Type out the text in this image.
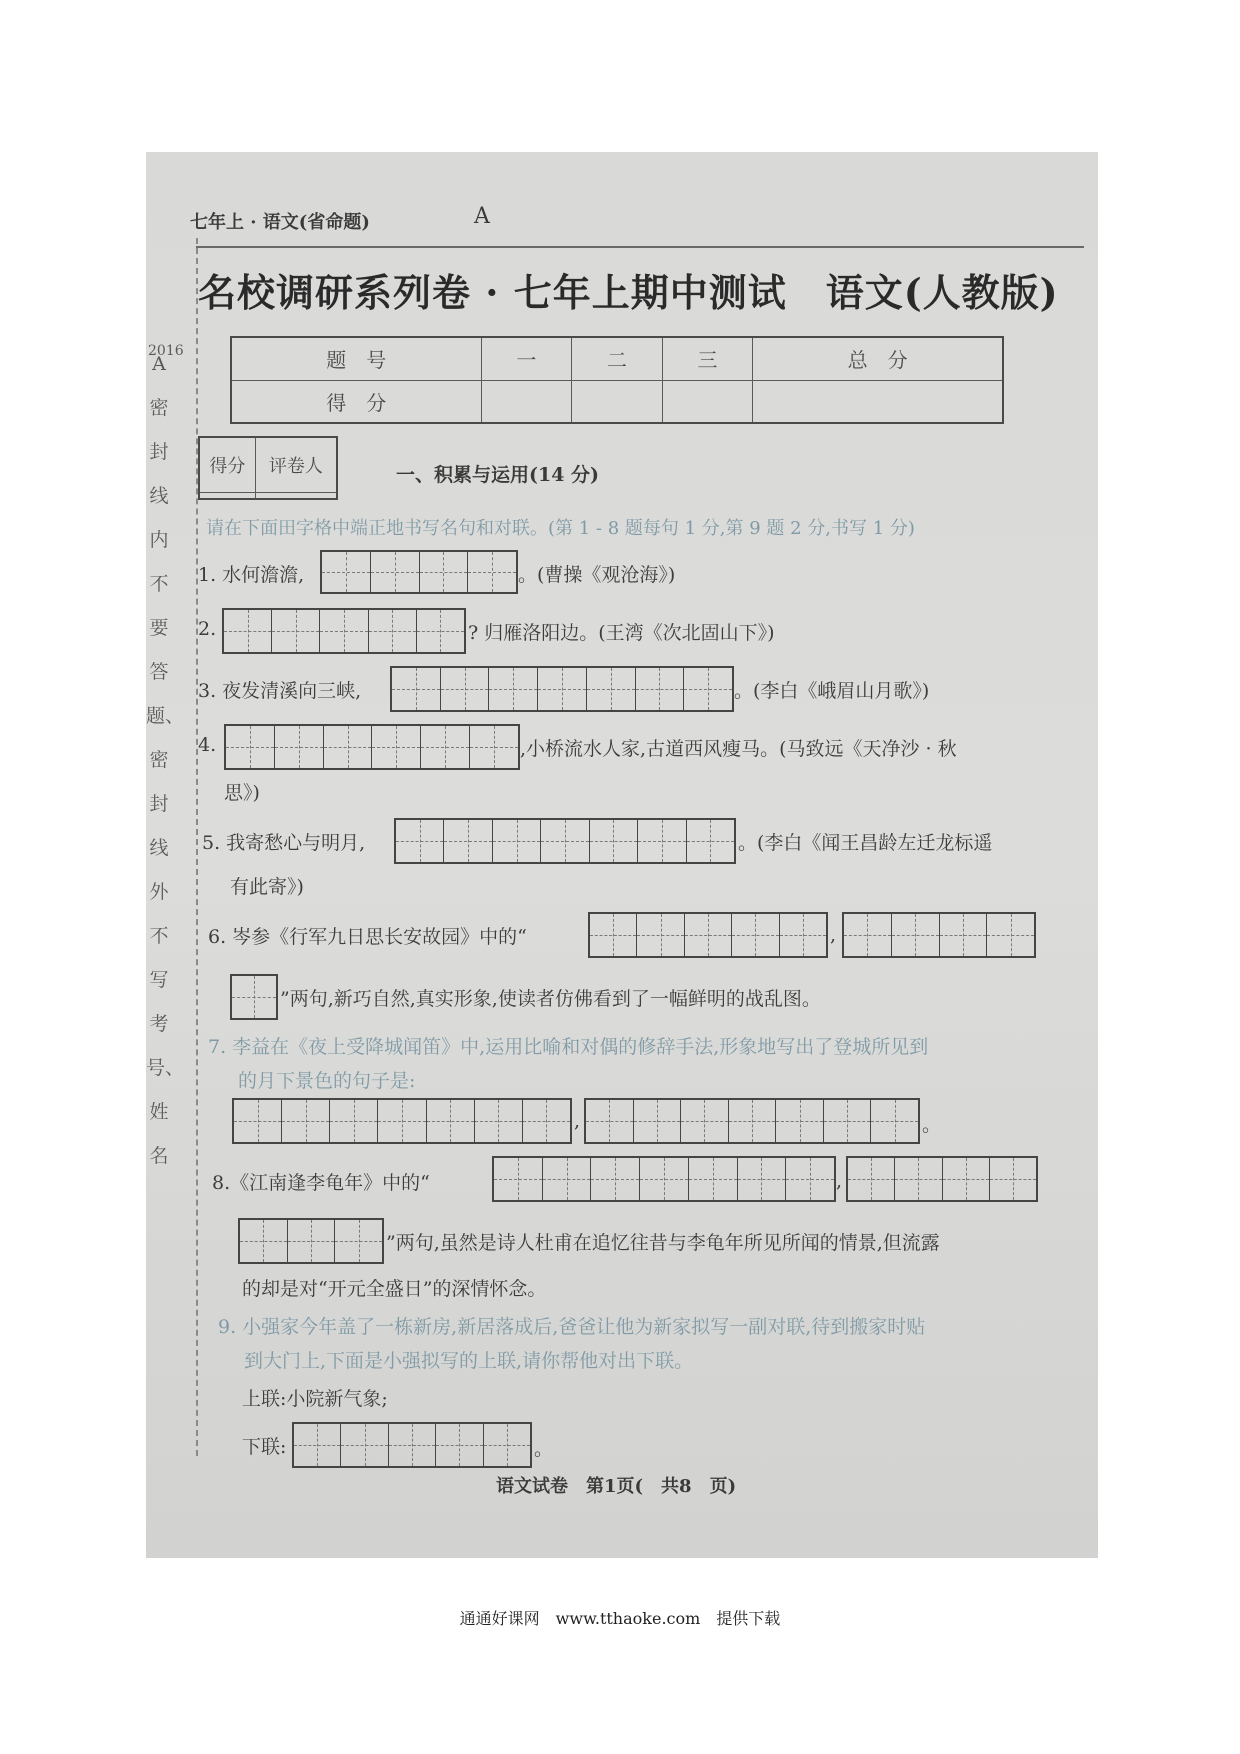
2016
A密封线内不要答题、密封线外不写考号、姓名
七年上 · 语文(省命题)	A
名校调研系列卷 · 七年上期中测试　语文(人教版)
题　号	一	二	三	总　分
得　分				
得分	评卷人
		一、积累与运用(14 分)
请在下面田字格中端正地书写名句和对联。(第 1 - 8 题每句 1 分,第 9 题 2 分,书写 1 分)
1. 水何澹澹,	。(曹操《观沧海》)
2.	? 归雁洛阳边。(王湾《次北固山下》)
3. 夜发清溪向三峡,	。(李白《峨眉山月歌》)
4.	,小桥流水人家,古道西风瘦马。(马致远《天净沙 · 秋
思》)
5. 我寄愁心与明月,	。(李白《闻王昌龄左迁龙标遥
有此寄》)
6. 岑参《行军九日思长安故园》中的“	,
”两句,新巧自然,真实形象,使读者仿佛看到了一幅鲜明的战乱图。
7. 李益在《夜上受降城闻笛》中,运用比喻和对偶的修辞手法,形象地写出了登城所见到
的月下景色的句子是:
,	。
8.《江南逢李龟年》中的“	,
”两句,虽然是诗人杜甫在追忆往昔与李龟年所见所闻的情景,但流露
的却是对“开元全盛日”的深情怀念。
9. 小强家今年盖了一栋新房,新居落成后,爸爸让他为新家拟写一副对联,待到搬家时贴
到大门上,下面是小强拟写的上联,请你帮他对出下联。
上联:小院新气象;
下联:	。
语文试卷　第1页(　共8　页)
通通好课网　www.tthaoke.com　提供下载
